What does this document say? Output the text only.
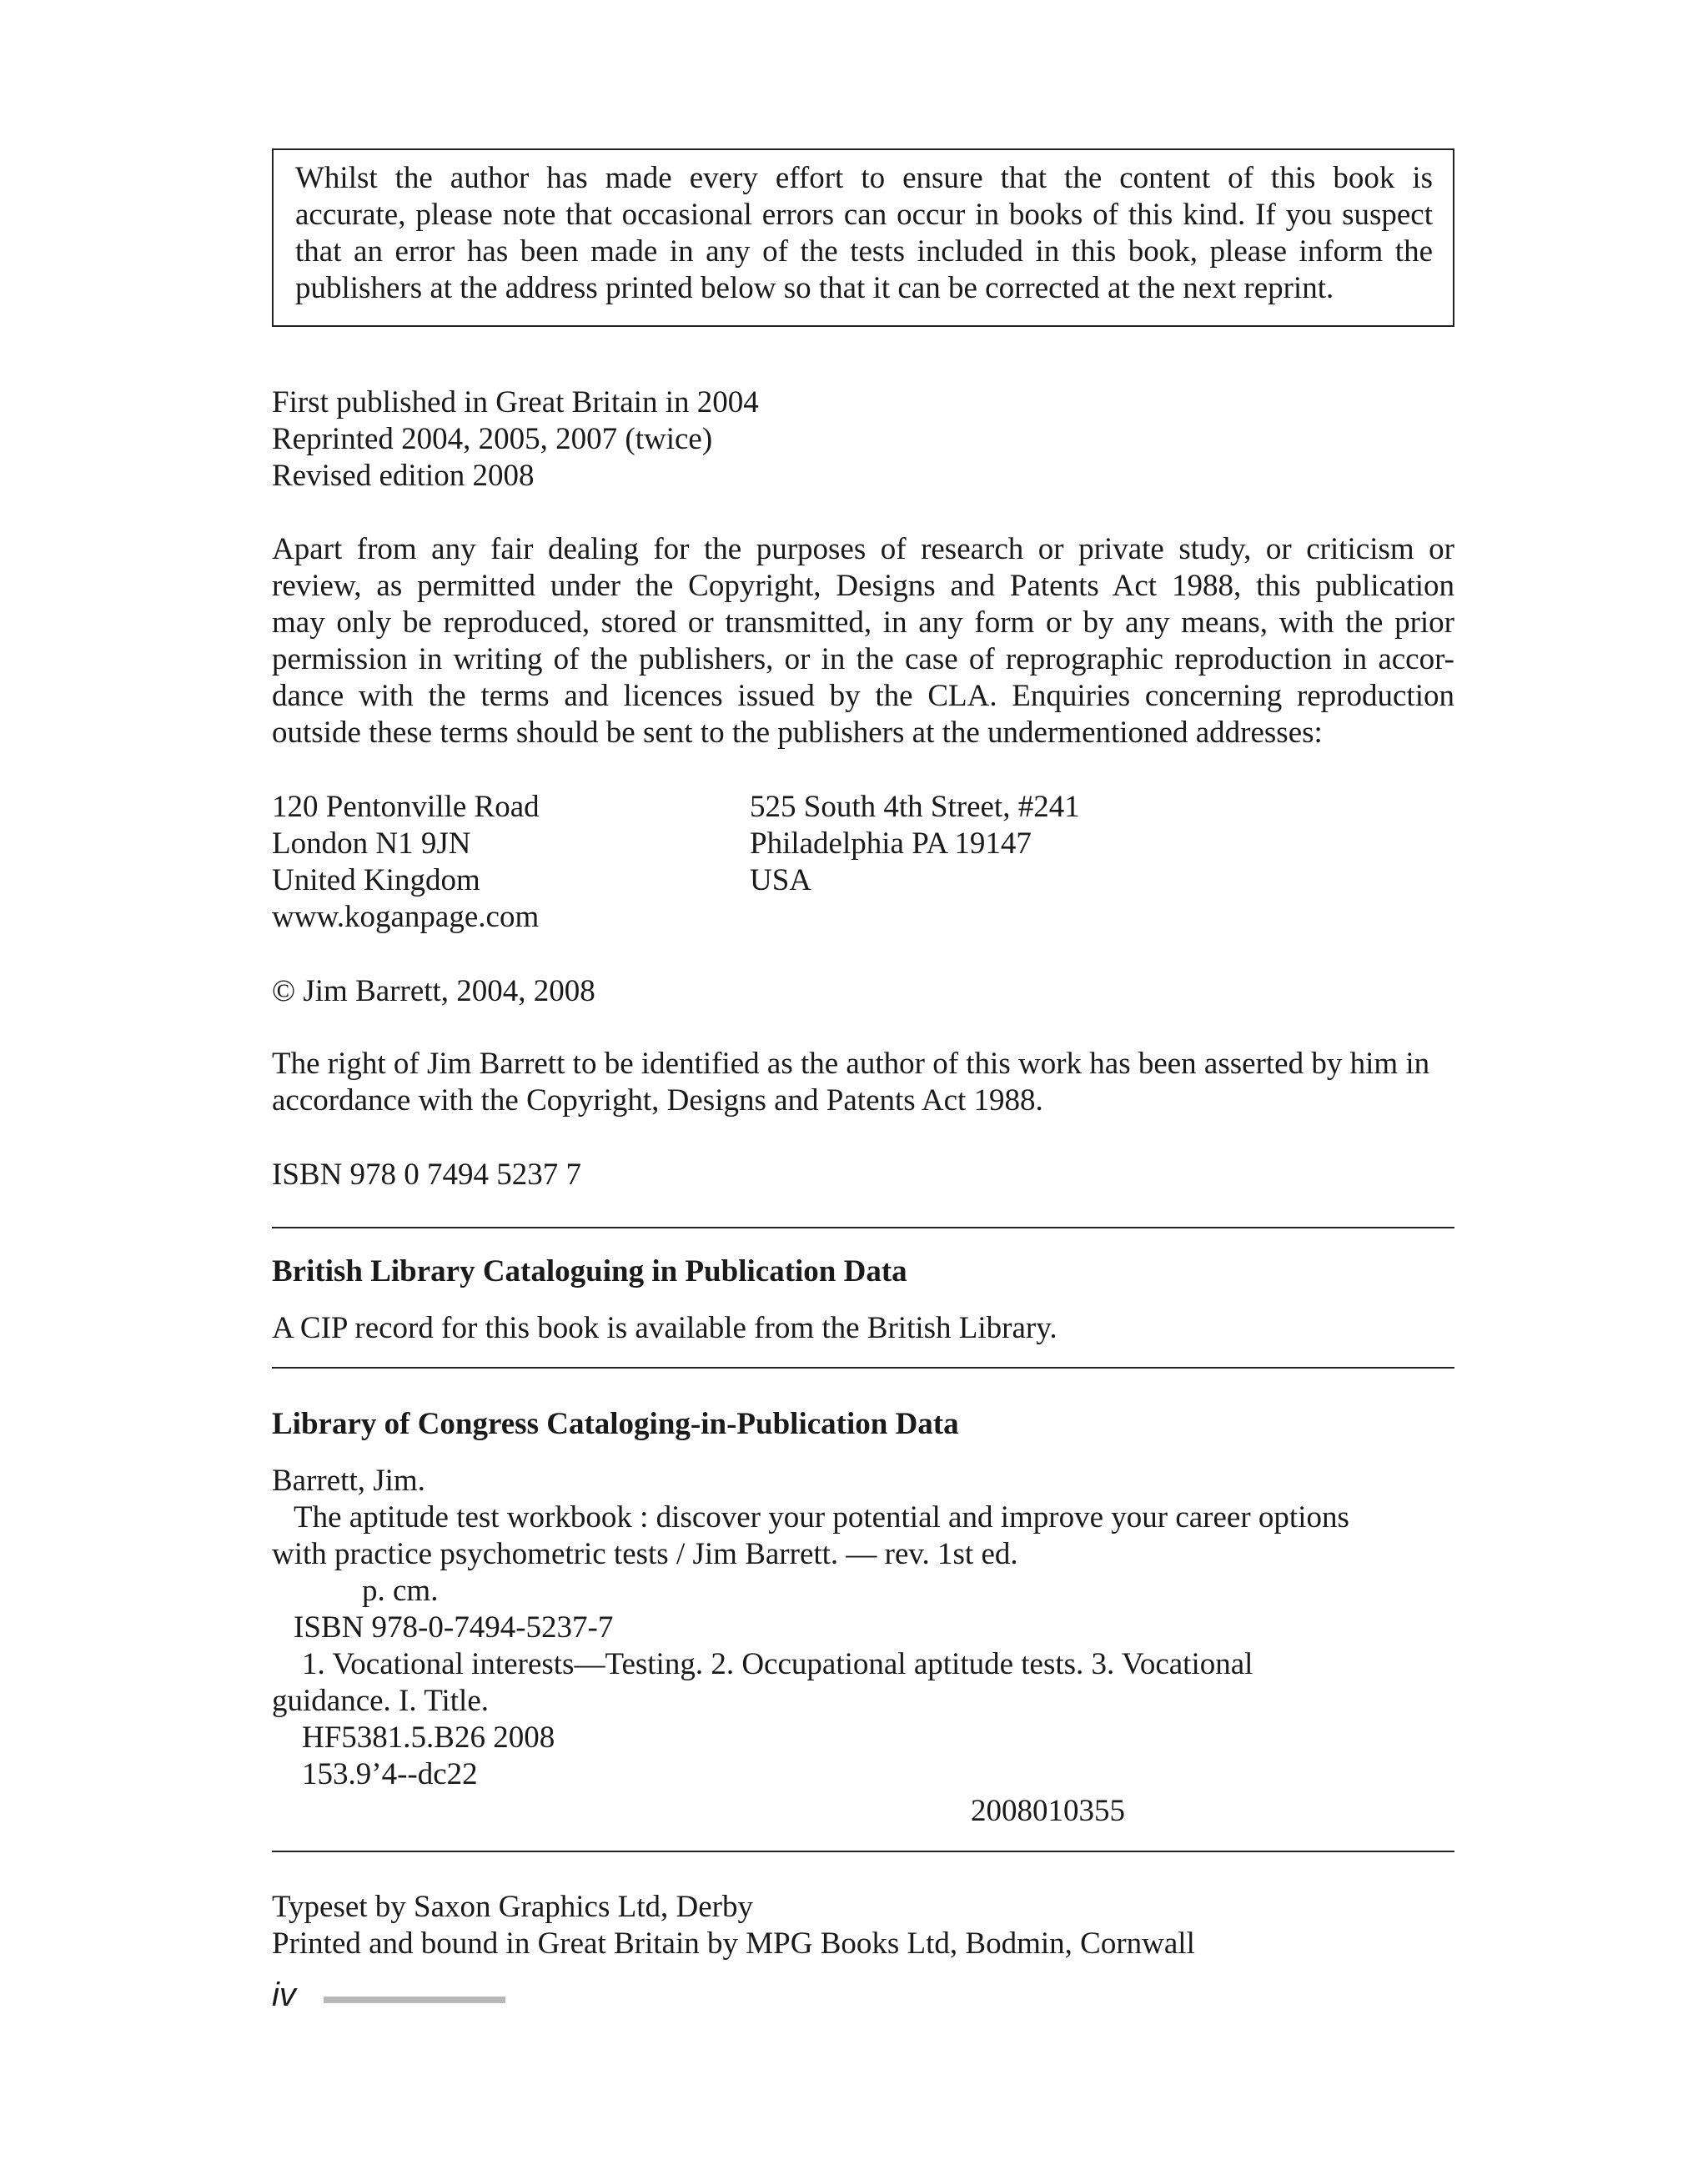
Whilst the author has made every effort to ensure that the content of this book is
accurate, please note that occasional errors can occur in books of this kind. If you suspect
that an error has been made in any of the tests included in this book, please inform the
publishers at the address printed below so that it can be corrected at the next reprint.
First published in Great Britain in 2004
Reprinted 2004, 2005, 2007 (twice)
Revised edition 2008
Apart from any fair dealing for the purposes of research or private study, or criticism or
review, as permitted under the Copyright, Designs and Patents Act 1988, this publication
may only be reproduced, stored or transmitted, in any form or by any means, with the prior
permission in writing of the publishers, or in the case of reprographic reproduction in accor-
dance with the terms and licences issued by the CLA. Enquiries concerning reproduction
outside these terms should be sent to the publishers at the undermentioned addresses:
120 Pentonville Road
London N1 9JN
United Kingdom
www.koganpage.com
525 South 4th Street, #241
Philadelphia PA 19147
USA
© Jim Barrett, 2004, 2008
The right of Jim Barrett to be identified as the author of this work has been asserted by him in
accordance with the Copyright, Designs and Patents Act 1988.
ISBN 978 0 7494 5237 7
British Library Cataloguing in Publication Data
A CIP record for this book is available from the British Library.
Library of Congress Cataloging-in-Publication Data
Barrett, Jim.
The aptitude test workbook : discover your potential and improve your career options
with practice psychometric tests / Jim Barrett. — rev. 1st ed.
p. cm.
ISBN 978-0-7494-5237-7
1. Vocational interests—Testing. 2. Occupational aptitude tests. 3. Vocational
guidance. I. Title.
HF5381.5.B26 2008
153.9’4--dc22
2008010355
Typeset by Saxon Graphics Ltd, Derby
Printed and bound in Great Britain by MPG Books Ltd, Bodmin, Cornwall
iv
